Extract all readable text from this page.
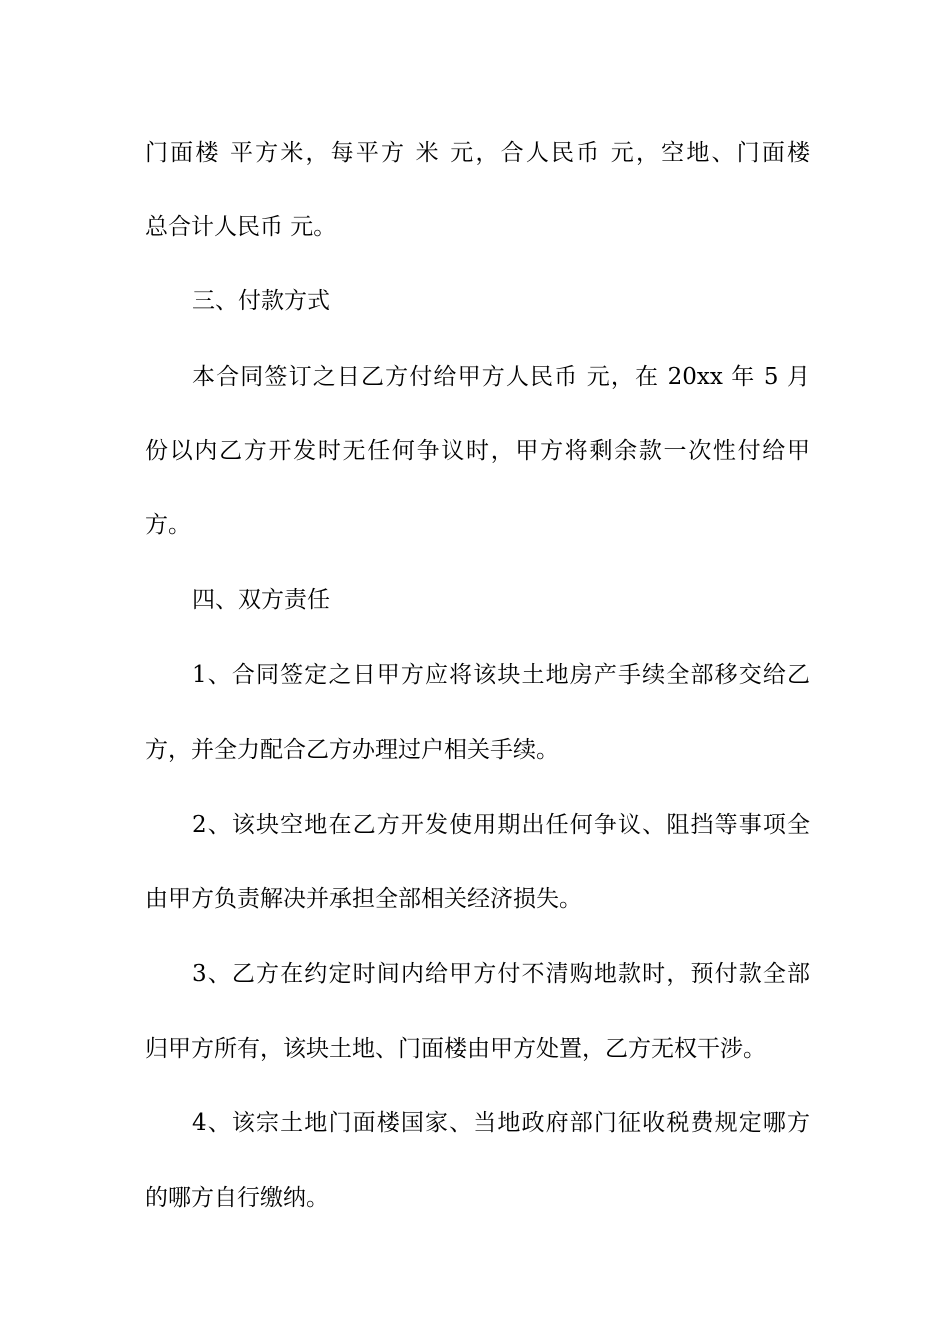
门面楼 平方米，每平方 米 元，合人民币 元，空地、门面楼
总合计人民币 元。
三、付款方式
本合同签订之日乙方付给甲方人民币 元，在 20xx 年 5 月
份以内乙方开发时无任何争议时，甲方将剩余款一次性付给甲
方。
四、双方责任
1、合同签定之日甲方应将该块土地房产手续全部移交给乙
方，并全力配合乙方办理过户相关手续。
2、该块空地在乙方开发使用期出任何争议、阻挡等事项全
由甲方负责解决并承担全部相关经济损失。
3、乙方在约定时间内给甲方付不清购地款时，预付款全部
归甲方所有，该块土地、门面楼由甲方处置，乙方无权干涉。
4、该宗土地门面楼国家、当地政府部门征收税费规定哪方
的哪方自行缴纳。
